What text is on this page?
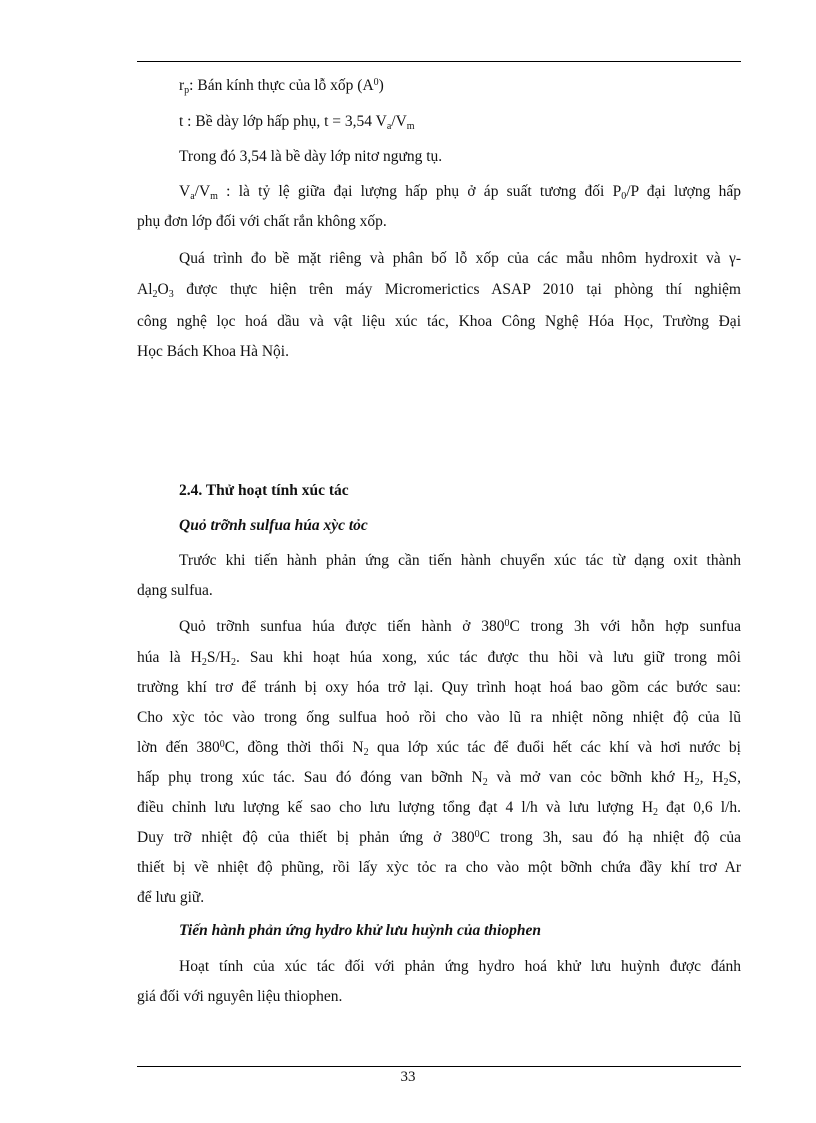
$r_p$: Bán kính thực của lỗ xốp $(A^0)$
t : Bề dày lớp hấp phụ, t = 3,54 $V_a/V_m$
Trong đó 3,54 là bề dày lớp nitơ ngưng tụ.
$V_a/V_m$ : là tỷ lệ giữa đại lượng hấp phụ ở áp suất tương đối $P_0/P$ đại lượng hấp
phụ đơn lớp đối với chất rắn không xốp.
Quá trình đo bề mặt riêng và phân bố lỗ xốp của các mẫu nhôm hydroxit và γ-
$Al_2O_3$ được thực hiện trên máy Micromerictics ASAP 2010 tại phòng thí nghiệm
công nghệ lọc hoá dầu và vật liệu xúc tác, Khoa Công Nghệ Hóa Học, Trường Đại
Học Bách Khoa Hà Nội.
2.4. Thử hoạt tính xúc tác
Quỏ trỡnh sulfua húa xỳc tỏc
Trước khi tiến hành phản ứng cần tiến hành chuyển xúc tác từ dạng oxit thành
dạng sulfua.
Quỏ trỡnh sunfua húa được tiến hành ở $380^0C$ trong 3h với hỗn hợp sunfua
húa là $H_2S/H_2$. Sau khi hoạt húa xong, xúc tác được thu hồi và lưu giữ trong môi
trường khí trơ để tránh bị oxy hóa trở lại. Quy trình hoạt hoá bao gồm các bước sau:
Cho xỳc tỏc vào trong ống sulfua hoỏ rồi cho vào lũ ra nhiệt nõng nhiệt độ của lũ
lờn đến $380^0C$, đồng thời thổi $N_2$ qua lớp xúc tác để đuổi hết các khí và hơi nước bị
hấp phụ trong xúc tác. Sau đó đóng van bỡnh $N_2$ và mở van cỏc bỡnh khớ $H_2$, $H_2S$,
điều chỉnh lưu lượng kế sao cho lưu lượng tổng đạt 4 l/h và lưu lượng $H_2$ đạt 0,6 l/h.
Duy trỡ nhiệt độ của thiết bị phản ứng ở $380^0C$ trong 3h, sau đó hạ nhiệt độ của
thiết bị về nhiệt độ phũng, rồi lấy xỳc tỏc ra cho vào một bỡnh chứa đầy khí trơ Ar
để lưu giữ.
Tiến hành phản ứng hydro khử lưu huỳnh của thiophen
Hoạt tính của xúc tác đối với phản ứng hydro hoá khử lưu huỳnh được đánh
giá đối với nguyên liệu thiophen.
33
